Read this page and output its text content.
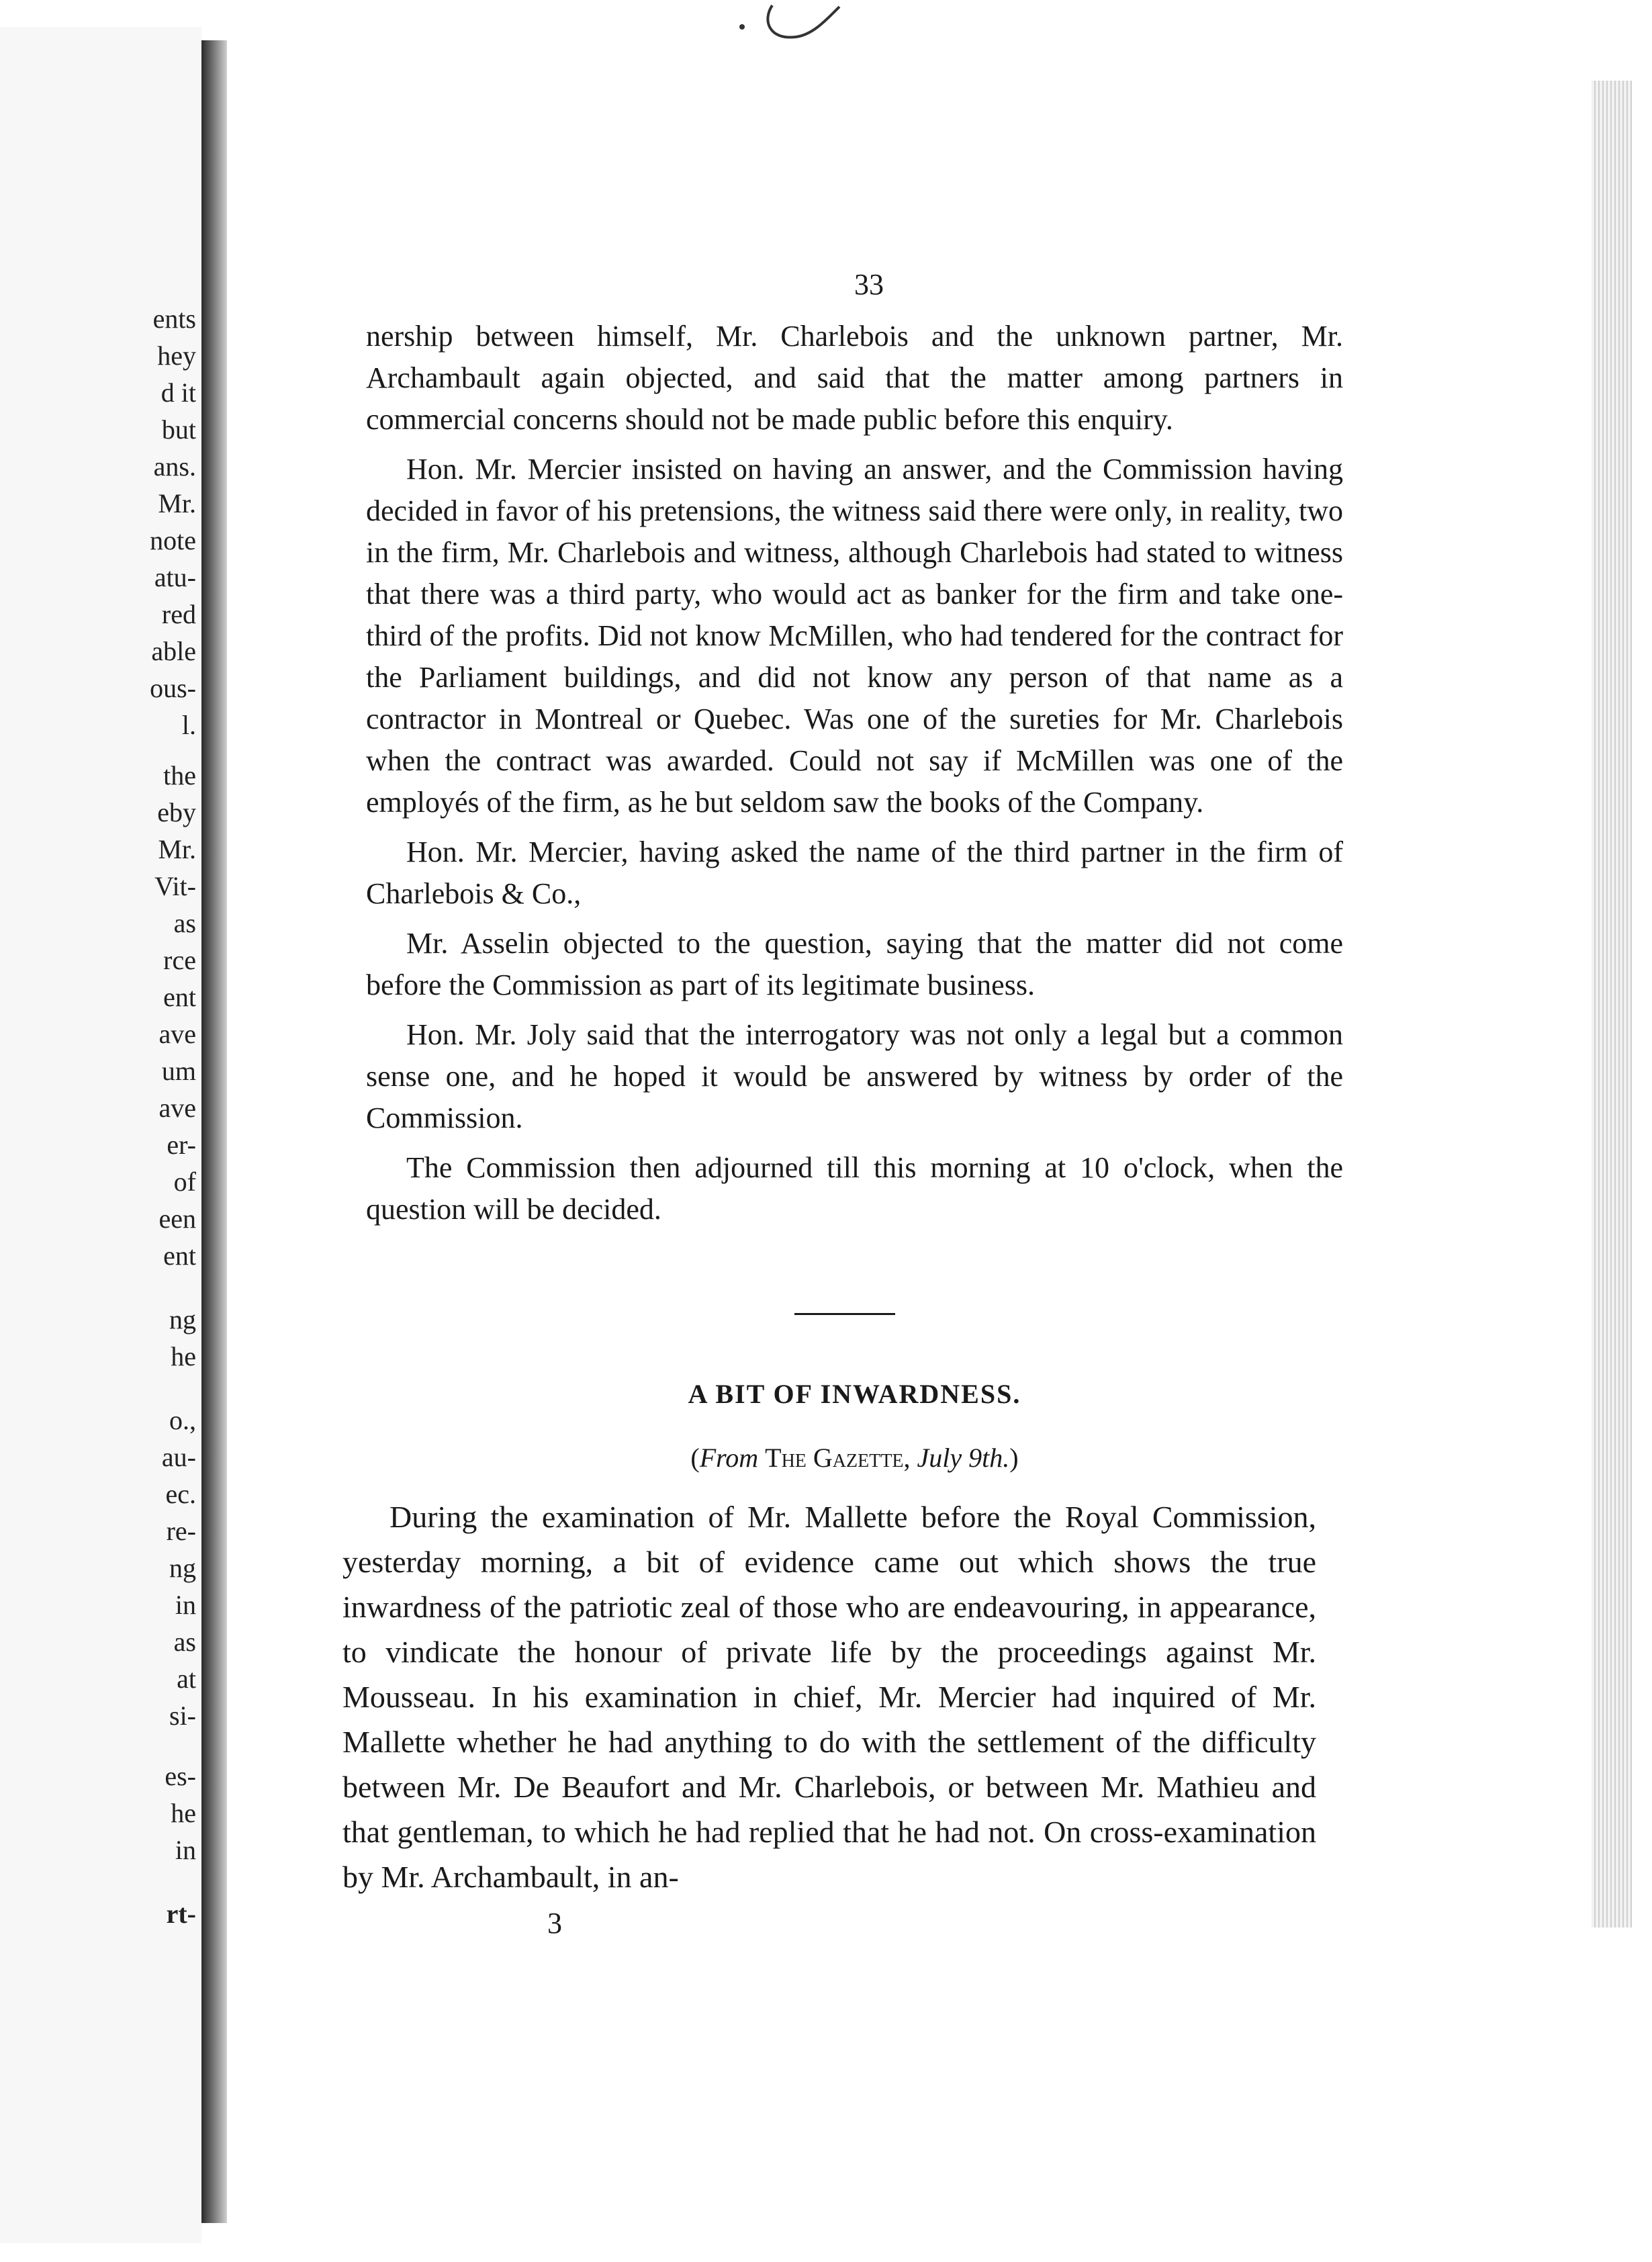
ents

hey

d it

but

ans.

Mr.

note

atu-

red

able

ous-

l.

the

eby

Mr.

Vit-

as

rce

ent

ave

um

ave

er-

of

een

ent

ng

he

o.,

au-

ec.

re-

ng

in

as

at

si-

es-

he

in

rt-

33

nership between himself, Mr. Charlebois and the unknown partner, Mr. Archambault again objected, and said that the matter among partners in commercial concerns should not be made public before this enquiry.

Hon. Mr. Mercier insisted on having an answer, and the Commission having decided in favor of his pretensions, the witness said there were only, in reality, two in the firm, Mr. Charlebois and witness, although Charlebois had stated to witness that there was a third party, who would act as banker for the firm and take one-third of the profits. Did not know McMillen, who had tendered for the contract for the Parliament buildings, and did not know any person of that name as a contractor in Montreal or Quebec. Was one of the sureties for Mr. Charlebois when the contract was awarded. Could not say if McMillen was one of the employés of the firm, as he but seldom saw the books of the Company.

Hon. Mr. Mercier, having asked the name of the third partner in the firm of Charlebois & Co.,

Mr. Asselin objected to the question, saying that the matter did not come before the Commission as part of its legitimate business.

Hon. Mr. Joly said that the interrogatory was not only a legal but a common sense one, and he hoped it would be answered by witness by order of the Commission.

The Commission then adjourned till this morning at 10 o'clock, when the question will be decided.

A BIT OF INWARDNESS.

(From The Gazette, July 9th.)

During the examination of Mr. Mallette before the Royal Commission, yesterday morning, a bit of evidence came out which shows the true inwardness of the patriotic zeal of those who are endeavouring, in appearance, to vindicate the honour of private life by the proceedings against Mr. Mousseau. In his examination in chief, Mr. Mercier had inquired of Mr. Mallette whether he had anything to do with the settlement of the difficulty between Mr. De Beaufort and Mr. Charlebois, or between Mr. Mathieu and that gentleman, to which he had replied that he had not. On cross-examination by Mr. Archambault, in an-

3
